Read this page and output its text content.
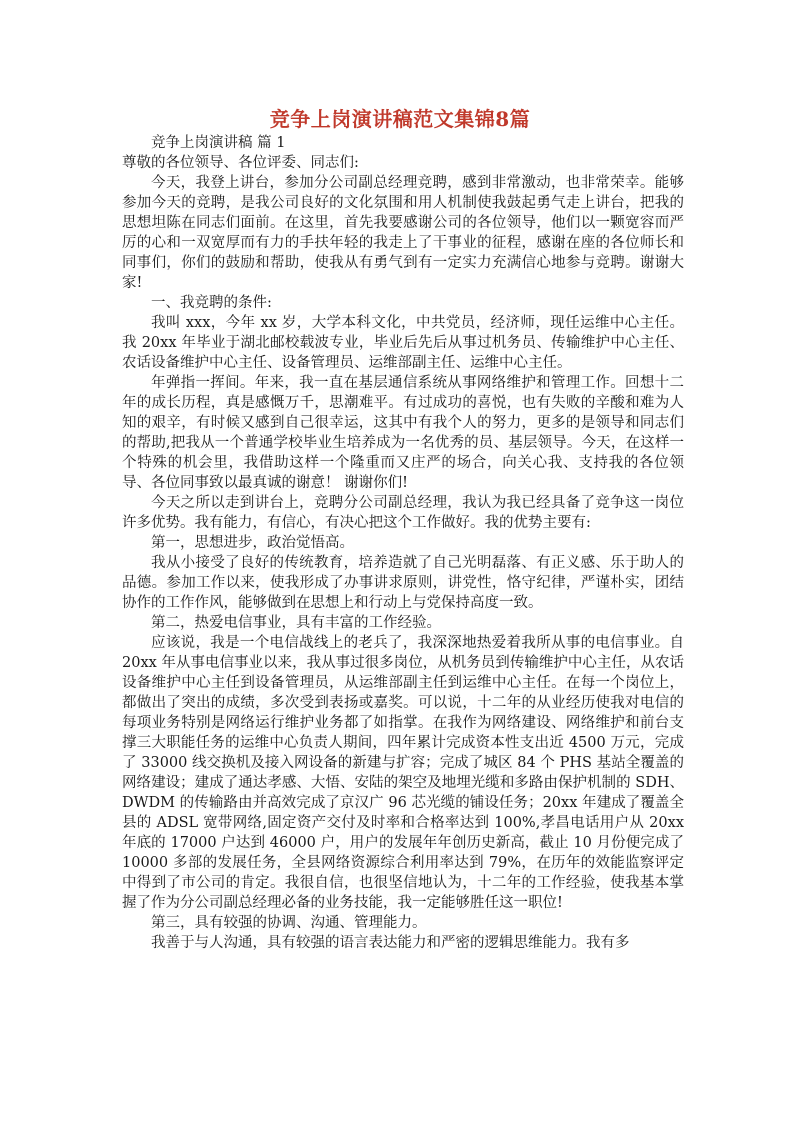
竞争上岗演讲稿范文集锦8篇

竞争上岗演讲稿 篇 1

尊敬的各位领导、各位评委、同志们:

今天，我登上讲台，参加分公司副总经理竞聘，感到非常激动，也非常荣幸。能够参加今天的竞聘，是我公司良好的文化氛围和用人机制使我鼓起勇气走上讲台，把我的思想坦陈在同志们面前。在这里，首先我要感谢公司的各位领导，他们以一颗宽容而严厉的心和一双宽厚而有力的手扶年轻的我走上了干事业的征程，感谢在座的各位师长和同事们，你们的鼓励和帮助，使我从有勇气到有一定实力充满信心地参与竞聘。谢谢大家!

一、我竞聘的条件:

我叫 xxx，今年 xx 岁，大学本科文化，中共党员，经济师，现任运维中心主任。我 20xx 年毕业于湖北邮校载波专业，毕业后先后从事过机务员、传输维护中心主任、农话设备维护中心主任、设备管理员、运维部副主任、运维中心主任。

年弹指一挥间。年来，我一直在基层通信系统从事网络维护和管理工作。回想十二年的成长历程，真是感慨万千，思潮难平。有过成功的喜悦，也有失败的辛酸和难为人知的艰辛，有时候又感到自己很幸运，这其中有我个人的努力，更多的是领导和同志们的帮助,把我从一个普通学校毕业生培养成为一名优秀的员、基层领导。今天，在这样一个特殊的机会里，我借助这样一个隆重而又庄严的场合，向关心我、支持我的各位领导、各位同事致以最真诚的谢意！ 谢谢你们!

今天之所以走到讲台上，竞聘分公司副总经理，我认为我已经具备了竞争这一岗位许多优势。我有能力，有信心，有决心把这个工作做好。我的优势主要有:

第一，思想进步，政治觉悟高。

我从小接受了良好的传统教育，培养造就了自己光明磊落、有正义感、乐于助人的品德。参加工作以来，使我形成了办事讲求原则，讲党性，恪守纪律，严谨朴实，团结协作的工作作风，能够做到在思想上和行动上与党保持高度一致。

第二，热爱电信事业，具有丰富的工作经验。

应该说，我是一个电信战线上的老兵了，我深深地热爱着我所从事的电信事业。自 20xx 年从事电信事业以来，我从事过很多岗位，从机务员到传输维护中心主任，从农话设备维护中心主任到设备管理员，从运维部副主任到运维中心主任。在每一个岗位上，都做出了突出的成绩，多次受到表扬或嘉奖。可以说，十二年的从业经历使我对电信的每项业务特别是网络运行维护业务都了如指掌。在我作为网络建设、网络维护和前台支撑三大职能任务的运维中心负责人期间，四年累计完成资本性支出近 4500 万元，完成了 33000 线交换机及接入网设备的新建与扩容；完成了城区 84 个 PHS 基站全覆盖的网络建设；建成了通达孝感、大悟、安陆的架空及地埋光缆和多路由保护机制的 SDH、DWDM 的传输路由并高效完成了京汉广 96 芯光缆的铺设任务；20xx 年建成了覆盖全县的 ADSL 宽带网络,固定资产交付及时率和合格率达到 100%,孝昌电话用户从 20xx 年底的 17000 户达到 46000 户，用户的发展年年创历史新高，截止 10 月份便完成了 10000 多部的发展任务，全县网络资源综合利用率达到 79%，在历年的效能监察评定中得到了市公司的肯定。我很自信，也很坚信地认为，十二年的工作经验，使我基本掌握了作为分公司副总经理必备的业务技能，我一定能够胜任这一职位!

第三，具有较强的协调、沟通、管理能力。

我善于与人沟通，具有较强的语言表达能力和严密的逻辑思维能力。我有多
